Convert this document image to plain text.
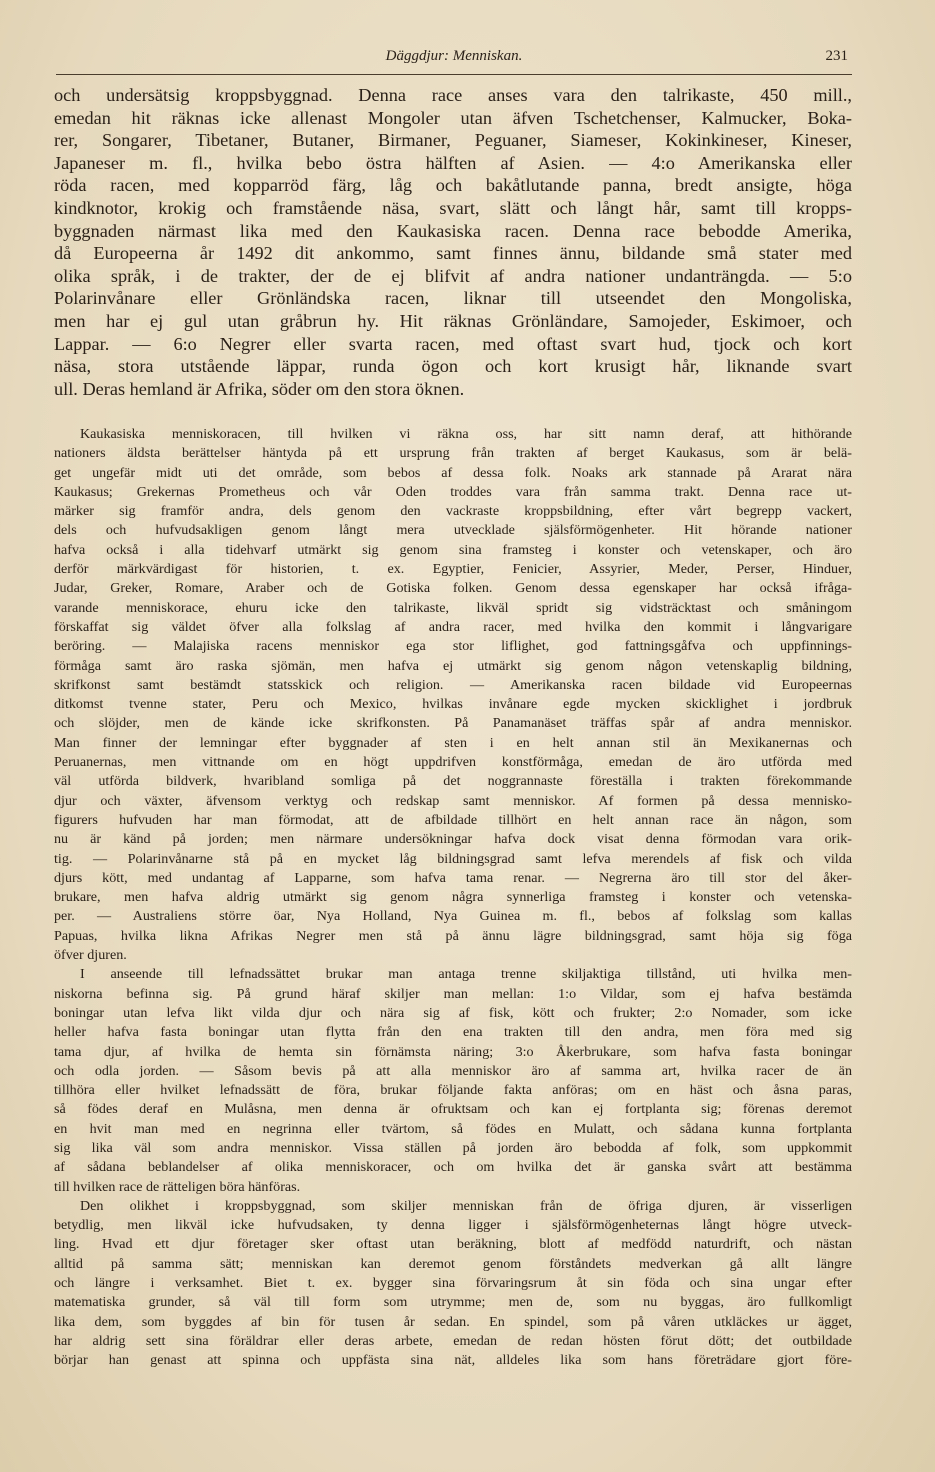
Däggdjur: Menniskan.	231
och undersätsig kroppsbyggnad. Denna race anses vara den talrikaste, 450 mill.,
emedan hit räknas icke allenast Mongoler utan äfven Tschetchenser, Kalmucker, Boka-
rer, Songarer, Tibetaner, Butaner, Birmaner, Peguaner, Siameser, Kokinkineser, Kineser,
Japaneser m. fl., hvilka bebo östra hälften af Asien. — 4:o Amerikanska eller
röda racen, med kopparröd färg, låg och bakåtlutande panna, bredt ansigte, höga
kindknotor, krokig och framstående näsa, svart, slätt och långt hår, samt till kropps-
byggnaden närmast lika med den Kaukasiska racen. Denna race bebodde Amerika,
då Europeerna år 1492 dit ankommo, samt finnes ännu, bildande små stater med
olika språk, i de trakter, der de ej blifvit af andra nationer undanträngda. — 5:o
Polarinvånare eller Grönländska racen, liknar till utseendet den Mongoliska,
men har ej gul utan gråbrun hy. Hit räknas Grönländare, Samojeder, Eskimoer, och
Lappar. — 6:o Negrer eller svarta racen, med oftast svart hud, tjock och kort
näsa, stora utstående läppar, runda ögon och kort krusigt hår, liknande svart
ull. Deras hemland är Afrika, söder om den stora öknen.
Kaukasiska menniskoracen, till hvilken vi räkna oss, har sitt namn deraf, att hithörande
nationers äldsta berättelser häntyda på ett ursprung från trakten af berget Kaukasus, som är belä-
get ungefär midt uti det område, som bebos af dessa folk. Noaks ark stannade på Ararat nära
Kaukasus; Grekernas Prometheus och vår Oden troddes vara från samma trakt. Denna race ut-
märker sig framför andra, dels genom den vackraste kroppsbildning, efter vårt begrepp vackert,
dels och hufvudsakligen genom långt mera utvecklade själsförmögenheter. Hit hörande nationer
hafva också i alla tidehvarf utmärkt sig genom sina framsteg i konster och vetenskaper, och äro
derför märkvärdigast för historien, t. ex. Egyptier, Fenicier, Assyrier, Meder, Perser, Hinduer,
Judar, Greker, Romare, Araber och de Gotiska folken. Genom dessa egenskaper har också ifråga-
varande menniskorace, ehuru icke den talrikaste, likväl spridt sig vidsträcktast och småningom
förskaffat sig väldet öfver alla folkslag af andra racer, med hvilka den kommit i långvarigare
beröring. — Malajiska racens menniskor ega stor liflighet, god fattningsgåfva och uppfinnings-
förmåga samt äro raska sjömän, men hafva ej utmärkt sig genom någon vetenskaplig bildning,
skrifkonst samt bestämdt statsskick och religion. — Amerikanska racen bildade vid Europeernas
ditkomst tvenne stater, Peru och Mexico, hvilkas invånare egde mycken skicklighet i jordbruk
och slöjder, men de kände icke skrifkonsten. På Panamanäset träffas spår af andra menniskor.
Man finner der lemningar efter byggnader af sten i en helt annan stil än Mexikanernas och
Peruanernas, men vittnande om en högt uppdrifven konstförmåga, emedan de äro utförda med
väl utförda bildverk, hvaribland somliga på det noggrannaste föreställa i trakten förekommande
djur och växter, äfvensom verktyg och redskap samt menniskor. Af formen på dessa mennisko-
figurers hufvuden har man förmodat, att de afbildade tillhört en helt annan race än någon, som
nu är känd på jorden; men närmare undersökningar hafva dock visat denna förmodan vara orik-
tig. — Polarinvånarne stå på en mycket låg bildningsgrad samt lefva merendels af fisk och vilda
djurs kött, med undantag af Lapparne, som hafva tama renar. — Negrerna äro till stor del åker-
brukare, men hafva aldrig utmärkt sig genom några synnerliga framsteg i konster och vetenska-
per. — Australiens större öar, Nya Holland, Nya Guinea m. fl., bebos af folkslag som kallas
Papuas, hvilka likna Afrikas Negrer men stå på ännu lägre bildningsgrad, samt höja sig föga
öfver djuren.
I anseende till lefnadssättet brukar man antaga trenne skiljaktiga tillstånd, uti hvilka men-
niskorna befinna sig. På grund häraf skiljer man mellan: 1:o Vildar, som ej hafva bestämda
boningar utan lefva likt vilda djur och nära sig af fisk, kött och frukter; 2:o Nomader, som icke
heller hafva fasta boningar utan flytta från den ena trakten till den andra, men föra med sig
tama djur, af hvilka de hemta sin förnämsta näring; 3:o Åkerbrukare, som hafva fasta boningar
och odla jorden. — Såsom bevis på att alla menniskor äro af samma art, hvilka racer de än
tillhöra eller hvilket lefnadssätt de föra, brukar följande fakta anföras; om en häst och åsna paras,
så födes deraf en Mulåsna, men denna är ofruktsam och kan ej fortplanta sig; förenas deremot
en hvit man med en negrinna eller tvärtom, så födes en Mulatt, och sådana kunna fortplanta
sig lika väl som andra menniskor. Vissa ställen på jorden äro bebodda af folk, som uppkommit
af sådana beblandelser af olika menniskoracer, och om hvilka det är ganska svårt att bestämma
till hvilken race de rätteligen böra hänföras.
Den olikhet i kroppsbyggnad, som skiljer menniskan från de öfriga djuren, är visserligen
betydlig, men likväl icke hufvudsaken, ty denna ligger i själsförmögenheternas långt högre utveck-
ling. Hvad ett djur företager sker oftast utan beräkning, blott af medfödd naturdrift, och nästan
alltid på samma sätt; menniskan kan deremot genom förståndets medverkan gå allt längre
och längre i verksamhet. Biet t. ex. bygger sina förvaringsrum åt sin föda och sina ungar efter
matematiska grunder, så väl till form som utrymme; men de, som nu byggas, äro fullkomligt
lika dem, som byggdes af bin för tusen år sedan. En spindel, som på våren utkläckes ur ägget,
har aldrig sett sina föräldrar eller deras arbete, emedan de redan hösten förut dött; det outbildade
börjar han genast att spinna och uppfästa sina nät, alldeles lika som hans företrädare gjort före-
